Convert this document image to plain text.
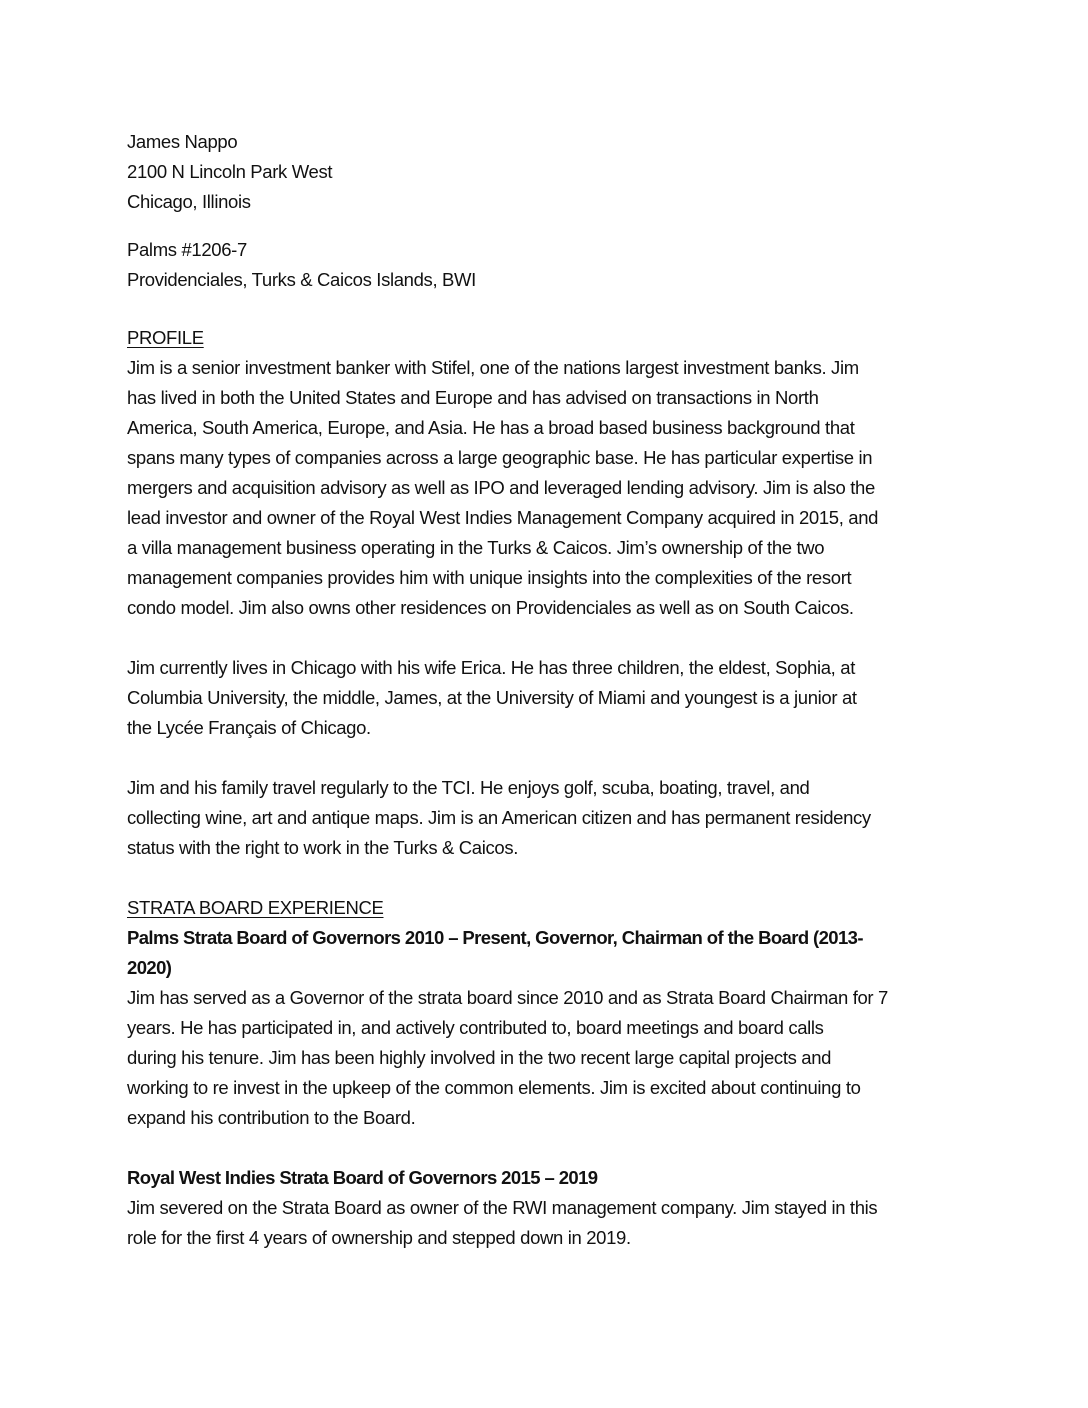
James Nappo
2100 N Lincoln Park West
Chicago, Illinois
Palms #1206-7
Providenciales, Turks & Caicos Islands, BWI
PROFILE
Jim is a senior investment banker with Stifel, one of the nations largest investment banks. Jim
has lived in both the United States and Europe and has advised on transactions in North
America, South America, Europe, and Asia. He has a broad based business background that
spans many types of companies across a large geographic base. He has particular expertise in
mergers and acquisition advisory as well as IPO and leveraged lending advisory. Jim is also the
lead investor and owner of the Royal West Indies Management Company acquired in 2015, and
a villa management business operating in the Turks & Caicos. Jim’s ownership of the two
management companies provides him with unique insights into the complexities of the resort
condo model. Jim also owns other residences on Providenciales as well as on South Caicos.
Jim currently lives in Chicago with his wife Erica. He has three children, the eldest, Sophia, at
Columbia University, the middle, James, at the University of Miami and youngest is a junior at
the Lycée Français of Chicago.
Jim and his family travel regularly to the TCI. He enjoys golf, scuba, boating, travel, and
collecting wine, art and antique maps. Jim is an American citizen and has permanent residency
status with the right to work in the Turks & Caicos.
STRATA BOARD EXPERIENCE
Palms Strata Board of Governors 2010 – Present, Governor, Chairman of the Board (2013-
2020)
Jim has served as a Governor of the strata board since 2010 and as Strata Board Chairman for 7
years. He has participated in, and actively contributed to, board meetings and board calls
during his tenure. Jim has been highly involved in the two recent large capital projects and
working to re invest in the upkeep of the common elements. Jim is excited about continuing to
expand his contribution to the Board.
Royal West Indies Strata Board of Governors 2015 – 2019
Jim severed on the Strata Board as owner of the RWI management company. Jim stayed in this
role for the first 4 years of ownership and stepped down in 2019.
